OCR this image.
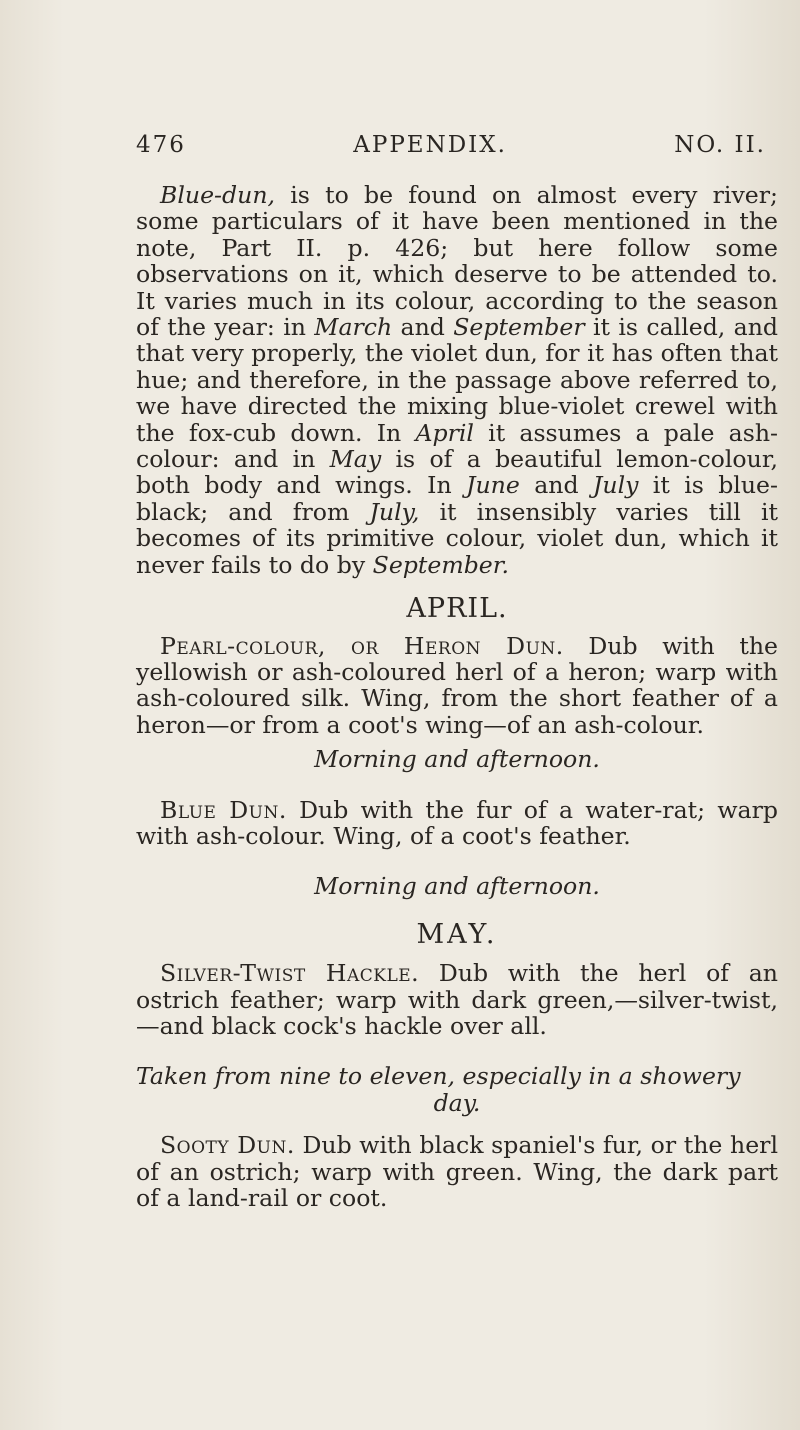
476	APPENDIX.	NO. II.

Blue-dun, is to be found on almost every river; some particulars of it have been mentioned in the note, Part II. p. 426; but here follow some observations on it, which deserve to be attended to. It varies much in its colour, according to the season of the year: in March and September it is called, and that very properly, the violet dun, for it has often that hue; and therefore, in the passage above referred to, we have directed the mixing blue-violet crewel with the fox-cub down. In April it assumes a pale ash-colour: and in May is of a beautiful lemon-colour, both body and wings. In June and July it is blue-black; and from July, it insensibly varies till it becomes of its primitive colour, violet dun, which it never fails to do by September.

APRIL.

Pearl-colour, or Heron Dun. Dub with the yellowish or ash-coloured herl of a heron; warp with ash-coloured silk. Wing, from the short feather of a heron—or from a coot's wing—of an ash-colour.

Morning and afternoon.

Blue Dun. Dub with the fur of a water-rat; warp with ash-colour. Wing, of a coot's feather.

Morning and afternoon.
MAY.

Silver-Twist Hackle. Dub with the herl of an ostrich feather; warp with dark green,—silver-twist,—and black cock's hackle over all.

Taken from nine to eleven, especially in a showery
day.

Sooty Dun. Dub with black spaniel's fur, or the herl of an ostrich; warp with green. Wing, the dark part of a land-rail or coot.
